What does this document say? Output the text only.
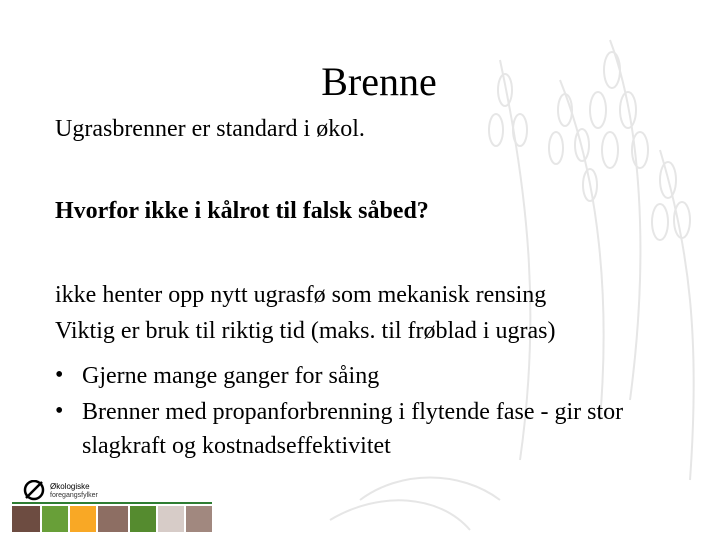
Brenne
Ugrasbrenner er standard i økol.
Hvorfor ikke i kålrot til falsk såbed?
ikke henter opp nytt ugrasfø som mekanisk rensing
Viktig er bruk til riktig tid (maks. til frøblad i ugras)
• Gjerne mange ganger for såing
• Brenner med propanforbrenning i flytende fase - gir stor
slagkraft og kostnadseffektivitet
Økologiske
foregangsfylker
